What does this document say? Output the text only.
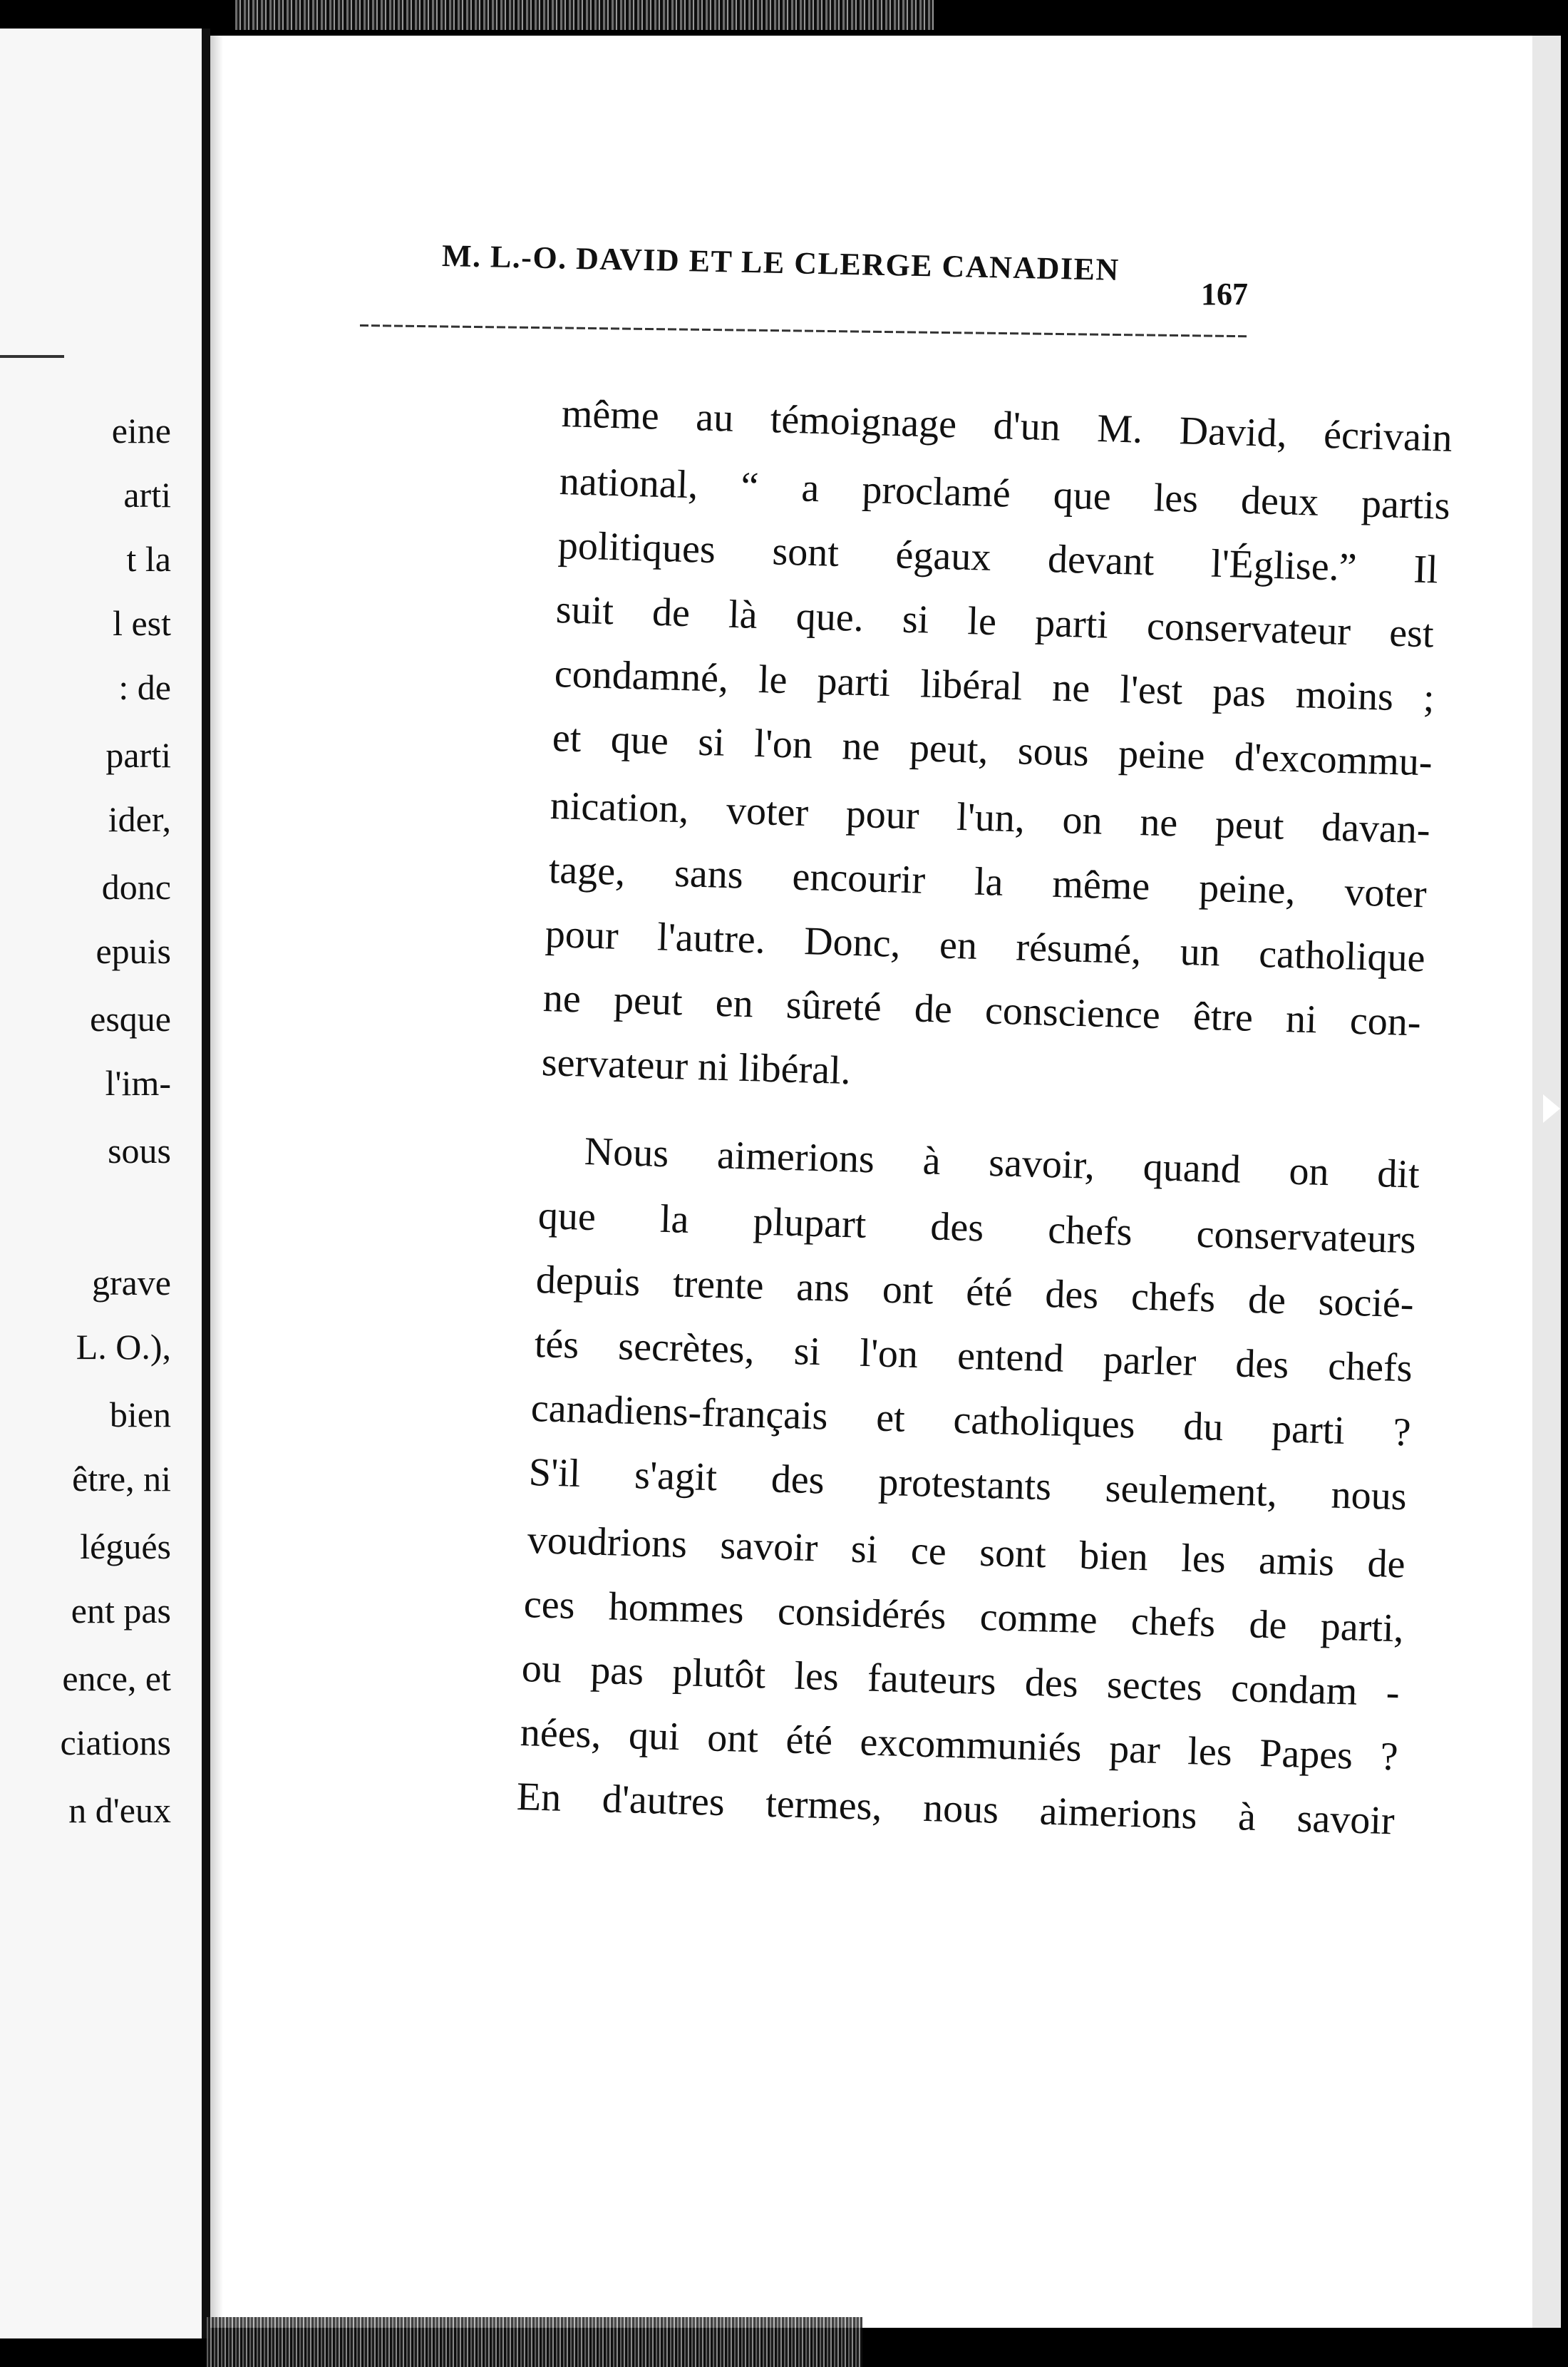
eine
arti
t la
l est
: de
parti
ider,
donc
epuis
esque
l'im-
sous
grave
L. O.),
bien
être, ni
légués
ent pas
ence, et
ciations
n d'eux
M. L.-O. DAVID ET LE CLERGE CANADIEN
167
même au témoignage d'un M. David, écrivain
national, “ a proclamé que les deux partis
politiques sont égaux devant l'Église.” Il
suit de là que. si le parti conservateur est
condamné, le parti libéral ne l'est pas moins ;
et que si l'on ne peut, sous peine d'excommu-
nication, voter pour l'un, on ne peut davan-
tage, sans encourir la même peine, voter
pour l'autre. Donc, en résumé, un catholique
ne peut en sûreté de conscience être ni con-
servateur ni libéral.
Nous aimerions à savoir, quand on dit
que la plupart des chefs conservateurs
depuis trente ans ont été des chefs de socié-
tés secrètes, si l'on entend parler des chefs
canadiens-français et catholiques du parti ?
S'il s'agit des protestants seulement, nous
voudrions savoir si ce sont bien les amis de
ces hommes considérés comme chefs de parti,
ou pas plutôt les fauteurs des sectes condam -
nées, qui ont été excommuniés par les Papes ?
En d'autres termes, nous aimerions à savoir
